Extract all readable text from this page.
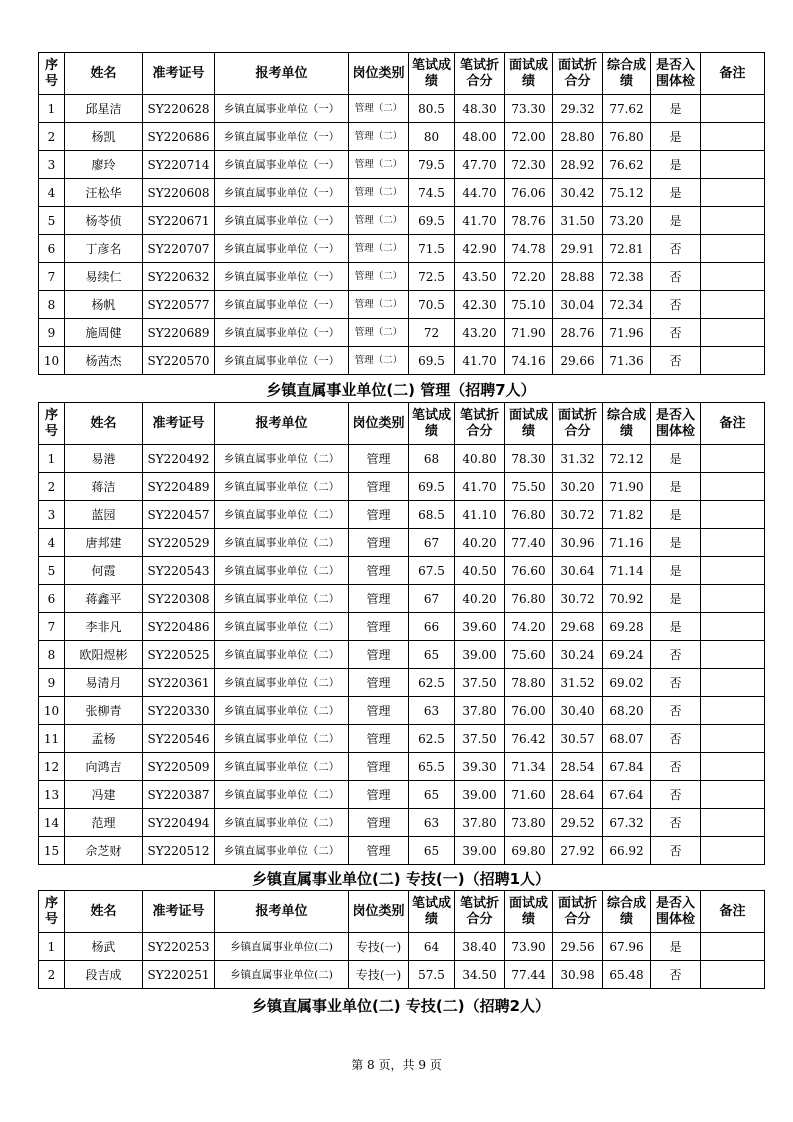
序号	姓名	准考证号	报考单位	岗位类别	笔试成绩	笔试折合分	面试成绩	面试折合分	综合成绩	是否入围体检	备注
1	邱星洁	SY220628	乡镇直属事业单位（一）	管理（二）	80.5	48.30	73.30	29.32	77.62	是	
2	杨凯	SY220686	乡镇直属事业单位（一）	管理（二）	80	48.00	72.00	28.80	76.80	是	
3	廖玲	SY220714	乡镇直属事业单位（一）	管理（二）	79.5	47.70	72.30	28.92	76.62	是	
4	汪松华	SY220608	乡镇直属事业单位（一）	管理（二）	74.5	44.70	76.06	30.42	75.12	是	
5	杨苓侦	SY220671	乡镇直属事业单位（一）	管理（二）	69.5	41.70	78.76	31.50	73.20	是	
6	丁彦名	SY220707	乡镇直属事业单位（一）	管理（二）	71.5	42.90	74.78	29.91	72.81	否	
7	易续仁	SY220632	乡镇直属事业单位（一）	管理（二）	72.5	43.50	72.20	28.88	72.38	否	
8	杨帆	SY220577	乡镇直属事业单位（一）	管理（二）	70.5	42.30	75.10	30.04	72.34	否	
9	施周健	SY220689	乡镇直属事业单位（一）	管理（二）	72	43.20	71.90	28.76	71.96	否	
10	杨茜杰	SY220570	乡镇直属事业单位（一）	管理（二）	69.5	41.70	74.16	29.66	71.36	否	
乡镇直属事业单位(二) 管理（招聘7人）
序号	姓名	准考证号	报考单位	岗位类别	笔试成绩	笔试折合分	面试成绩	面试折合分	综合成绩	是否入围体检	备注
1	易港	SY220492	乡镇直属事业单位（二）	管理	68	40.80	78.30	31.32	72.12	是	
2	蒋洁	SY220489	乡镇直属事业单位（二）	管理	69.5	41.70	75.50	30.20	71.90	是	
3	蓝园	SY220457	乡镇直属事业单位（二）	管理	68.5	41.10	76.80	30.72	71.82	是	
4	唐邦建	SY220529	乡镇直属事业单位（二）	管理	67	40.20	77.40	30.96	71.16	是	
5	何霞	SY220543	乡镇直属事业单位（二）	管理	67.5	40.50	76.60	30.64	71.14	是	
6	蒋鑫平	SY220308	乡镇直属事业单位（二）	管理	67	40.20	76.80	30.72	70.92	是	
7	李非凡	SY220486	乡镇直属事业单位（二）	管理	66	39.60	74.20	29.68	69.28	是	
8	欧阳煜彬	SY220525	乡镇直属事业单位（二）	管理	65	39.00	75.60	30.24	69.24	否	
9	易清月	SY220361	乡镇直属事业单位（二）	管理	62.5	37.50	78.80	31.52	69.02	否	
10	张柳青	SY220330	乡镇直属事业单位（二）	管理	63	37.80	76.00	30.40	68.20	否	
11	孟杨	SY220546	乡镇直属事业单位（二）	管理	62.5	37.50	76.42	30.57	68.07	否	
12	向鸿吉	SY220509	乡镇直属事业单位（二）	管理	65.5	39.30	71.34	28.54	67.84	否	
13	冯建	SY220387	乡镇直属事业单位（二）	管理	65	39.00	71.60	28.64	67.64	否	
14	范理	SY220494	乡镇直属事业单位（二）	管理	63	37.80	73.80	29.52	67.32	否	
15	佘芝财	SY220512	乡镇直属事业单位（二）	管理	65	39.00	69.80	27.92	66.92	否	
乡镇直属事业单位(二) 专技(一)（招聘1人）
序号	姓名	准考证号	报考单位	岗位类别	笔试成绩	笔试折合分	面试成绩	面试折合分	综合成绩	是否入围体检	备注
1	杨武	SY220253	乡镇直属事业单位(二)	专技(一)	64	38.40	73.90	29.56	67.96	是	
2	段吉成	SY220251	乡镇直属事业单位(二)	专技(一)	57.5	34.50	77.44	30.98	65.48	否	
乡镇直属事业单位(二) 专技(二)（招聘2人）
第 8 页，共 9 页
